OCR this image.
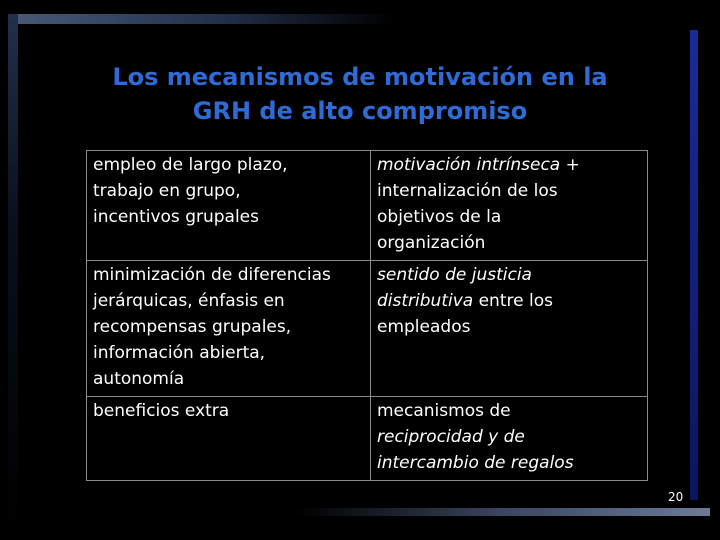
Los mecanismos de motivación en la
GRH de alto compromiso
empleo de largo plazo,
trabajo en grupo,
incentivos grupales	motivación intrínseca +
internalización de los
objetivos de la
organización
minimización de diferencias
jerárquicas, énfasis en
recompensas grupales,
información abierta,
autonomía	sentido de justicia
distributiva entre los
empleados
beneficios extra	mecanismos de
reciprocidad y de
intercambio de regalos
20
